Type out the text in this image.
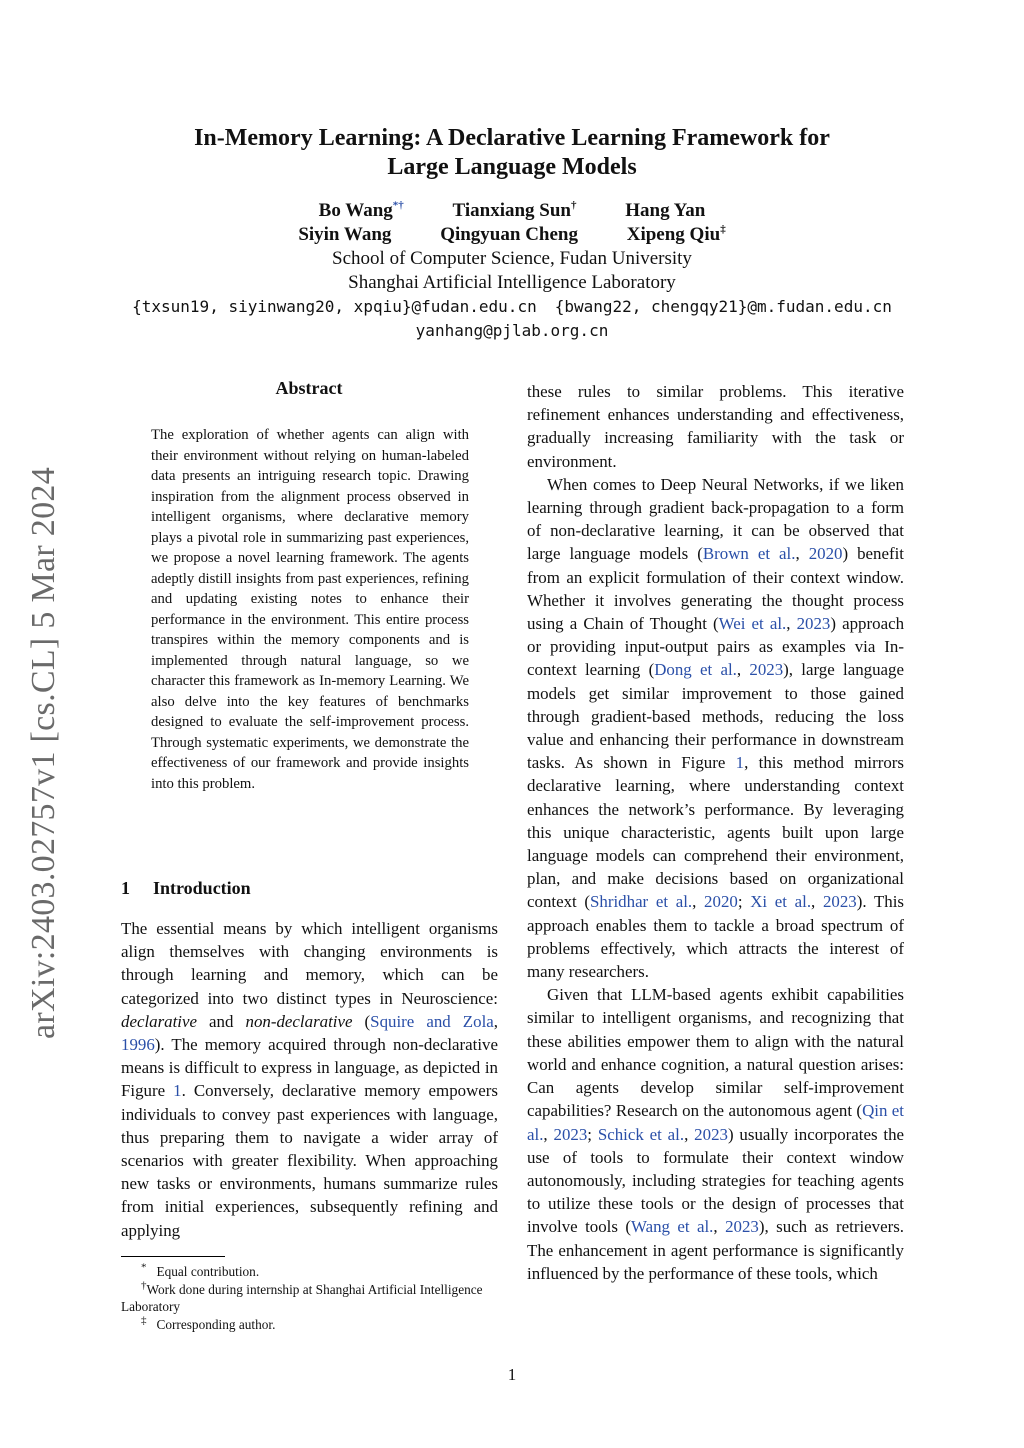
arXiv:2403.02757v1 [cs.CL] 5 Mar 2024
In-Memory Learning: A Declarative Learning Framework for
Large Language Models
Bo Wang*†	Tianxiang Sun†	Hang Yan
Siyin Wang	Qingyuan Cheng	Xipeng Qiu‡
School of Computer Science, Fudan University
Shanghai Artificial Intelligence Laboratory
{txsun19, siyinwang20, xpqiu}@fudan.edu.cn {bwang22, chengqy21}@m.fudan.edu.cn
yanhang@pjlab.org.cn
Abstract
The exploration of whether agents can align with their environment without relying on human-labeled data presents an intriguing research topic. Drawing inspiration from the alignment process observed in intelligent organisms, where declarative memory plays a pivotal role in summarizing past experiences, we propose a novel learning framework. The agents adeptly distill insights from past experiences, refining and updating existing notes to enhance their performance in the environment. This entire process transpires within the memory components and is implemented through natural language, so we character this framework as In-memory Learning. We also delve into the key features of benchmarks designed to evaluate the self-improvement process. Through systematic experiments, we demonstrate the effectiveness of our framework and provide insights into this problem.
1 Introduction

The essential means by which intelligent organisms align themselves with changing environments is through learning and memory, which can be categorized into two distinct types in Neuroscience: declarative and non-declarative (Squire and Zola, 1996). The memory acquired through non-declarative means is difficult to express in language, as depicted in Figure 1. Conversely, declarative memory empowers individuals to convey past experiences with language, thus preparing them to navigate a wider array of scenarios with greater flexibility. When approaching new tasks or environments, humans summarize rules from initial experiences, subsequently refining and applying

these rules to similar problems. This iterative refinement enhances understanding and effectiveness, gradually increasing familiarity with the task or environment.

When comes to Deep Neural Networks, if we liken learning through gradient back-propagation to a form of non-declarative learning, it can be observed that large language models (Brown et al., 2020) benefit from an explicit formulation of their context window. Whether it involves generating the thought process using a Chain of Thought (Wei et al., 2023) approach or providing input-output pairs as examples via In-context learning (Dong et al., 2023), large language models get similar improvement to those gained through gradient-based methods, reducing the loss value and enhancing their performance in downstream tasks. As shown in Figure 1, this method mirrors declarative learning, where understanding context enhances the network’s performance. By leveraging this unique characteristic, agents built upon large language models can comprehend their environment, plan, and make decisions based on organizational context (Shridhar et al., 2020; Xi et al., 2023). This approach enables them to tackle a broad spectrum of problems effectively, which attracts the interest of many researchers.

Given that LLM-based agents exhibit capabilities similar to intelligent organisms, and recognizing that these abilities empower them to align with the natural world and enhance cognition, a natural question arises: Can agents develop similar self-improvement capabilities? Research on the autonomous agent (Qin et al., 2023; Schick et al., 2023) usually incorporates the use of tools to formulate their context window autonomously, including strategies for teaching agents to utilize these tools or the design of processes that involve tools (Wang et al., 2023), such as retrievers. The enhancement in agent performance is significantly influenced by the performance of these tools, which

* Equal contribution.
†Work done during internship at Shanghai Artificial Intelligence Laboratory
‡ Corresponding author.
1
